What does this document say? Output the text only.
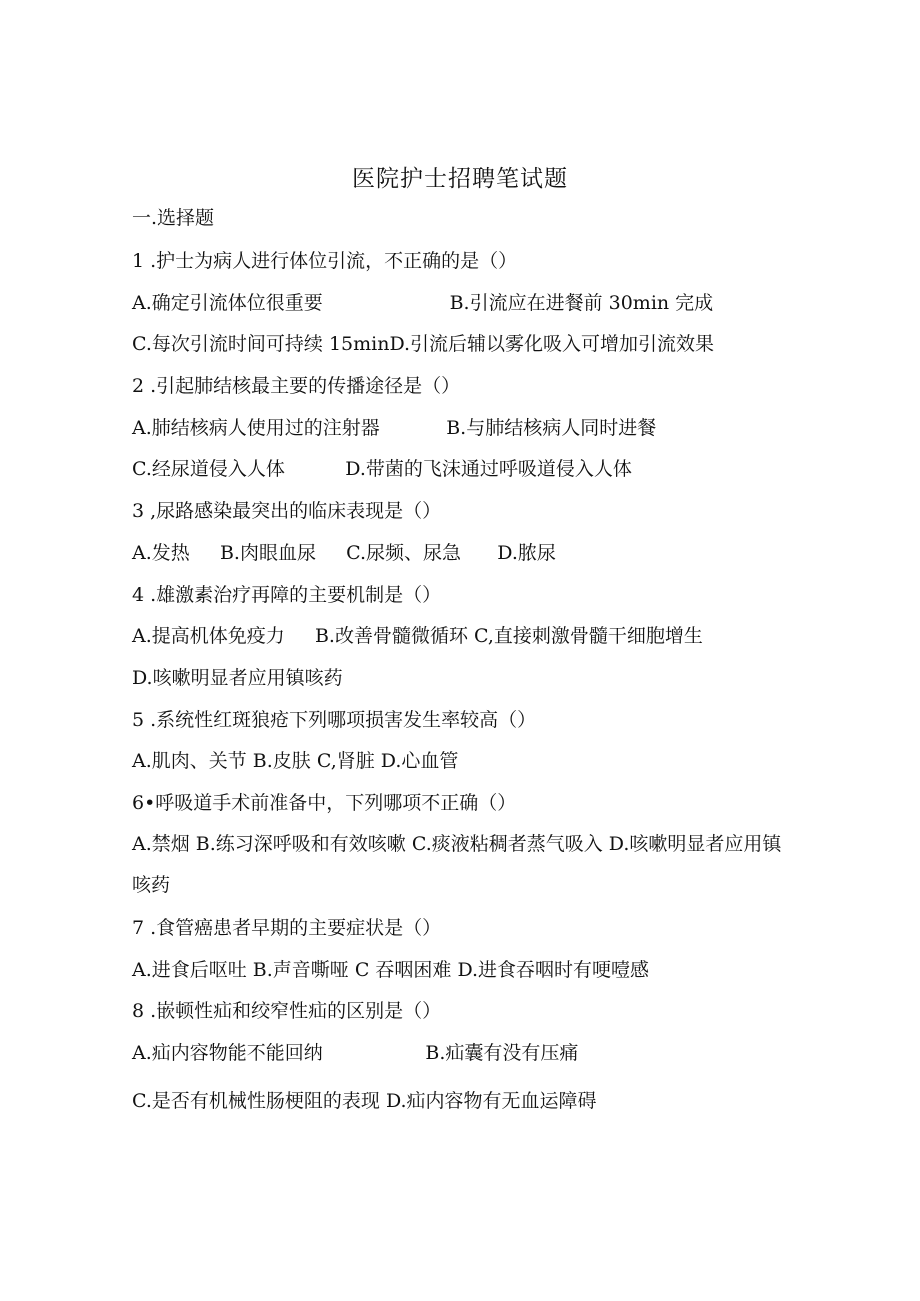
医院护士招聘笔试题
一.选择题
1 .护士为病人进行体位引流，不正确的是（）
A.确定引流体位很重要                     B.引流应在进餐前 30min 完成
C.每次引流时间可持续 15minD.引流后辅以雾化吸入可增加引流效果
2 .引起肺结核最主要的传播途径是（）
A.肺结核病人使用过的注射器           B.与肺结核病人同时进餐
C.经尿道侵入人体          D.带菌的飞沫通过呼吸道侵入人体
3 ,尿路感染最突出的临床表现是（）
A.发热     B.肉眼血尿     C.尿频、尿急      D.脓尿
4 .雄激素治疗再障的主要机制是（）
A.提高机体免疫力     B.改善骨髓微循环 C,直接刺激骨髓干细胞增生
D.咳嗽明显者应用镇咳药
5 .系统性红斑狼疮下列哪项损害发生率较高（）
A.肌肉、关节 B.皮肤 C,肾脏 D.心血管
6•呼吸道手术前准备中，下列哪项不正确（）
A.禁烟 B.练习深呼吸和有效咳嗽 C.痰液粘稠者蒸气吸入 D.咳嗽明显者应用镇咳药
7 .食管癌患者早期的主要症状是（）
A.进食后呕吐 B.声音嘶哑 C 吞咽困难 D.进食吞咽时有哽噎感
8 .嵌顿性疝和绞窄性疝的区别是（）
A.疝内容物能不能回纳                 B.疝囊有没有压痛
C.是否有机械性肠梗阻的表现 D.疝内容物有无血运障碍
